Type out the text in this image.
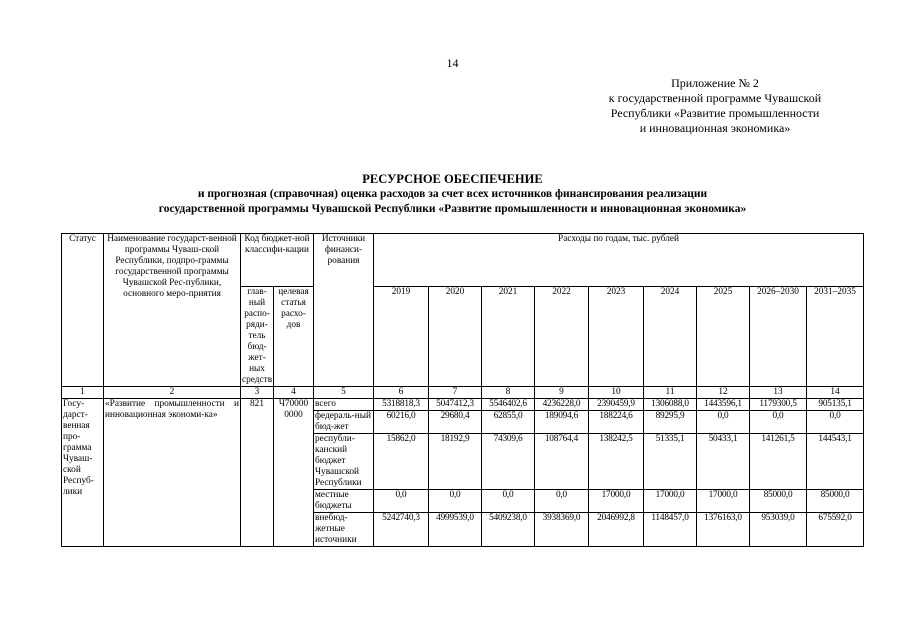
14
Приложение № 2
к государственной программе Чувашской
Республики «Развитие промышленности
и инновационная экономика»
РЕСУРСНОЕ ОБЕСПЕЧЕНИЕ
и прогнозная (справочная) оценка расходов за счет всех источников финансирования реализации
государственной программы Чувашской Республики «Развитие промышленности и инновационная экономика»
Статус	Наименование государст-венной программы Чуваш-ской Республики, подпро-граммы государственной программы Чувашской Рес-публики, основного меро-приятия	Код бюджет-ной классифи-кации		Источники финанси-рования	Расходы по годам, тыс. рублей								
		глав-ный распо-ряди-тель бюд-жет-ных средств	целевая статья расхо-дов		2019	2020	2021	2022	2023	2024	2025	2026–2030	2031–2035
1	2	3	4	5	6	7	8	9	10	11	12	13	14
Госу-дарст-венная про-грамма Чуваш-ской Респуб-лики	«Развитие промышленности и инновационная экономи-ка»	821	Ч70000 0000	всего	5318818,3	5047412,3	5546402,6	4236228,0	2390459,9	1306088,0	1443596,1	1179300,5	905135,1
				федераль-ный бюд-жет	60216,0	29680,4	62855,0	189094,6	188224,6	89295,9	0,0	0,0	0,0
				республи-канский бюджет Чувашской Республики	15862,0	18192,9	74309,6	108764,4	138242,5	51335,1	50433,1	141261,5	144543,1
				местные бюджеты	0,0	0,0	0,0	0,0	17000,0	17000,0	17000,0	85000,0	85000,0
				внебюд-жетные источники	5242740,3	4999539,0	5409238,0	3938369,0	2046992,8	1148457,0	1376163,0	953039,0	675592,0
